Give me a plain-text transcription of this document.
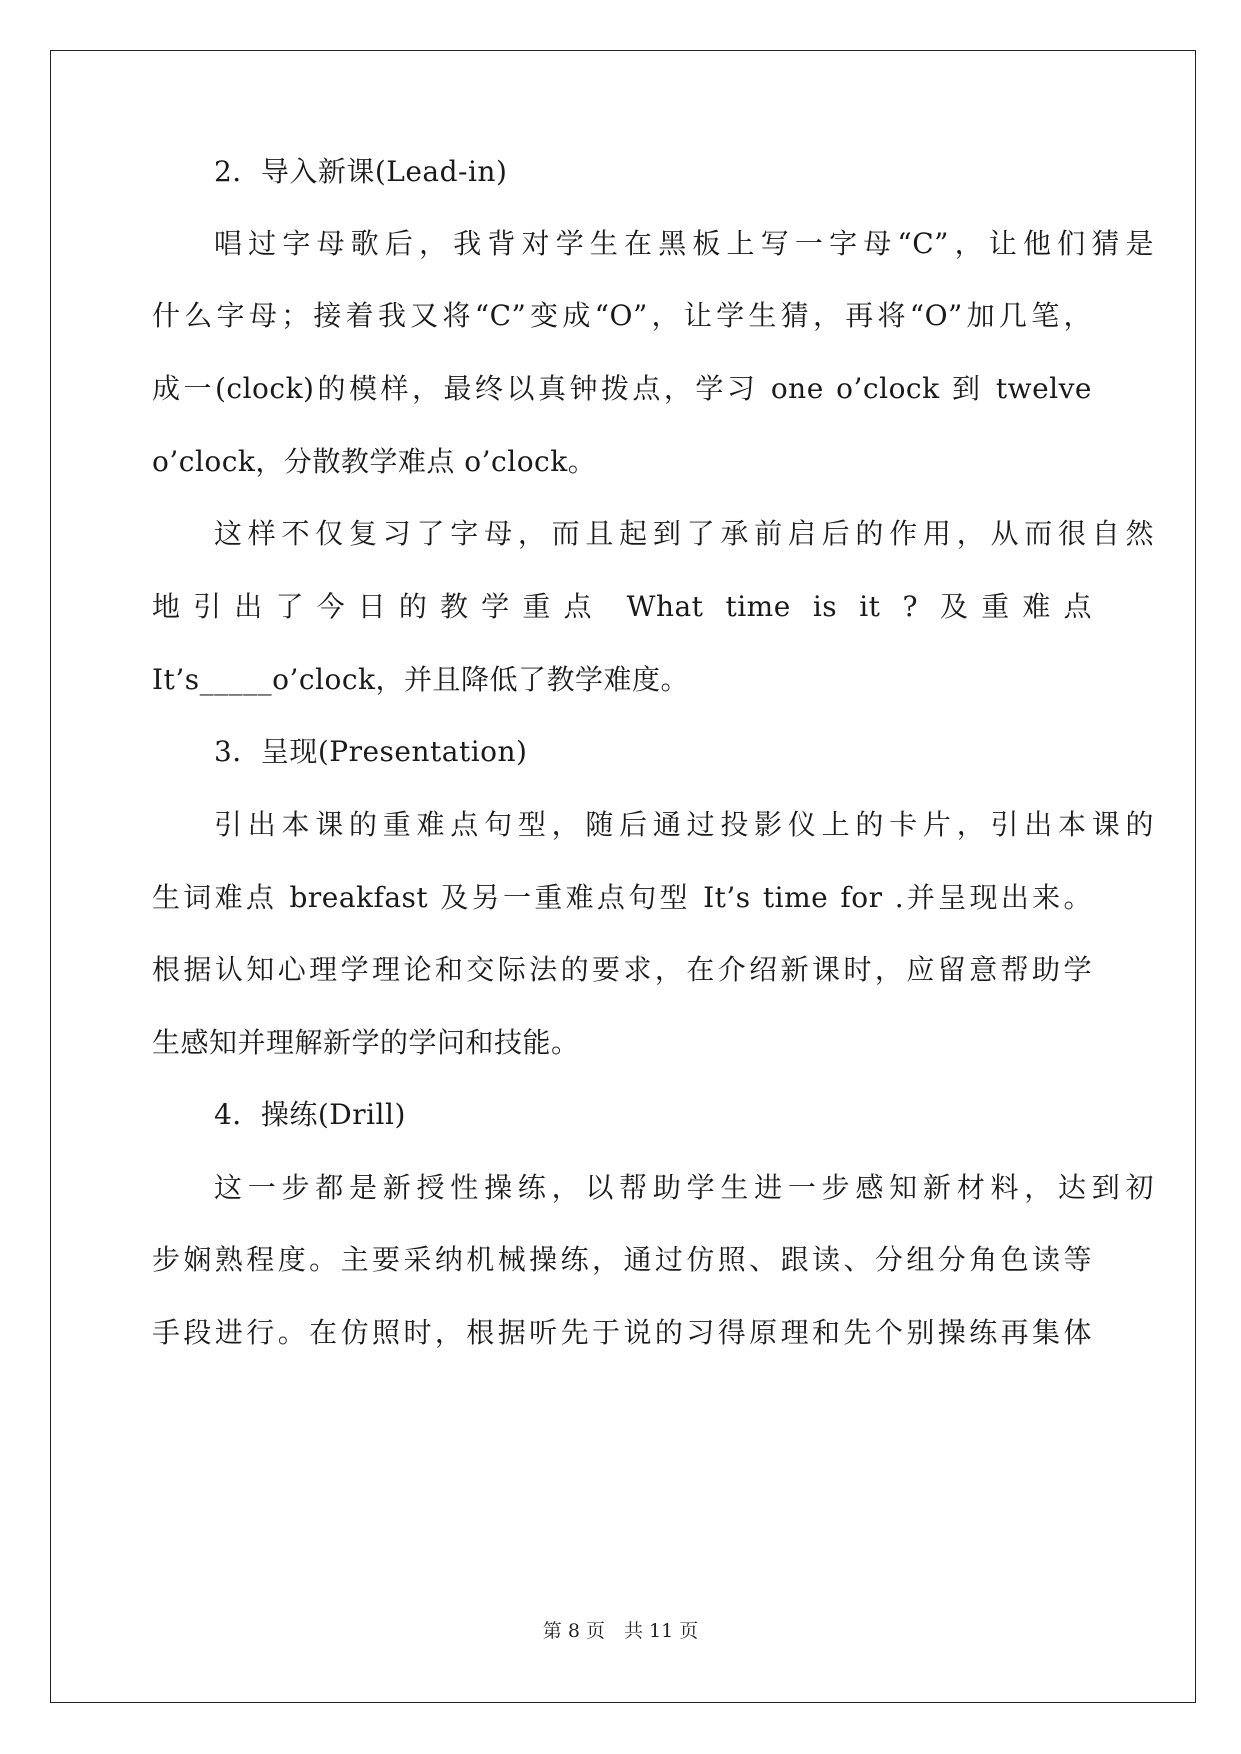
2．导入新课(Lead-in)
唱过字母歌后，我背对学生在黑板上写一字母“C”，让他们猜是
什么字母；接着我又将“C”变成“O”，让学生猜，再将“O”加几笔，
成一(clock)的模样，最终以真钟拨点，学习 one o’clock 到 twelve
o’clock，分散教学难点 o’clock。
这样不仅复习了字母，而且起到了承前启后的作用，从而很自然
地引出了今日的教学重点 What time is it ? 及重难点
It’s_____o’clock，并且降低了教学难度。
3．呈现(Presentation)
引出本课的重难点句型，随后通过投影仪上的卡片，引出本课的
生词难点 breakfast 及另一重难点句型 It’s time for .并呈现出来。
根据认知心理学理论和交际法的要求，在介绍新课时，应留意帮助学
生感知并理解新学的学问和技能。
4．操练(Drill)
这一步都是新授性操练，以帮助学生进一步感知新材料，达到初
步娴熟程度。主要采纳机械操练，通过仿照、跟读、分组分角色读等
手段进行。在仿照时，根据听先于说的习得原理和先个别操练再集体
第 8 页　共 11 页
